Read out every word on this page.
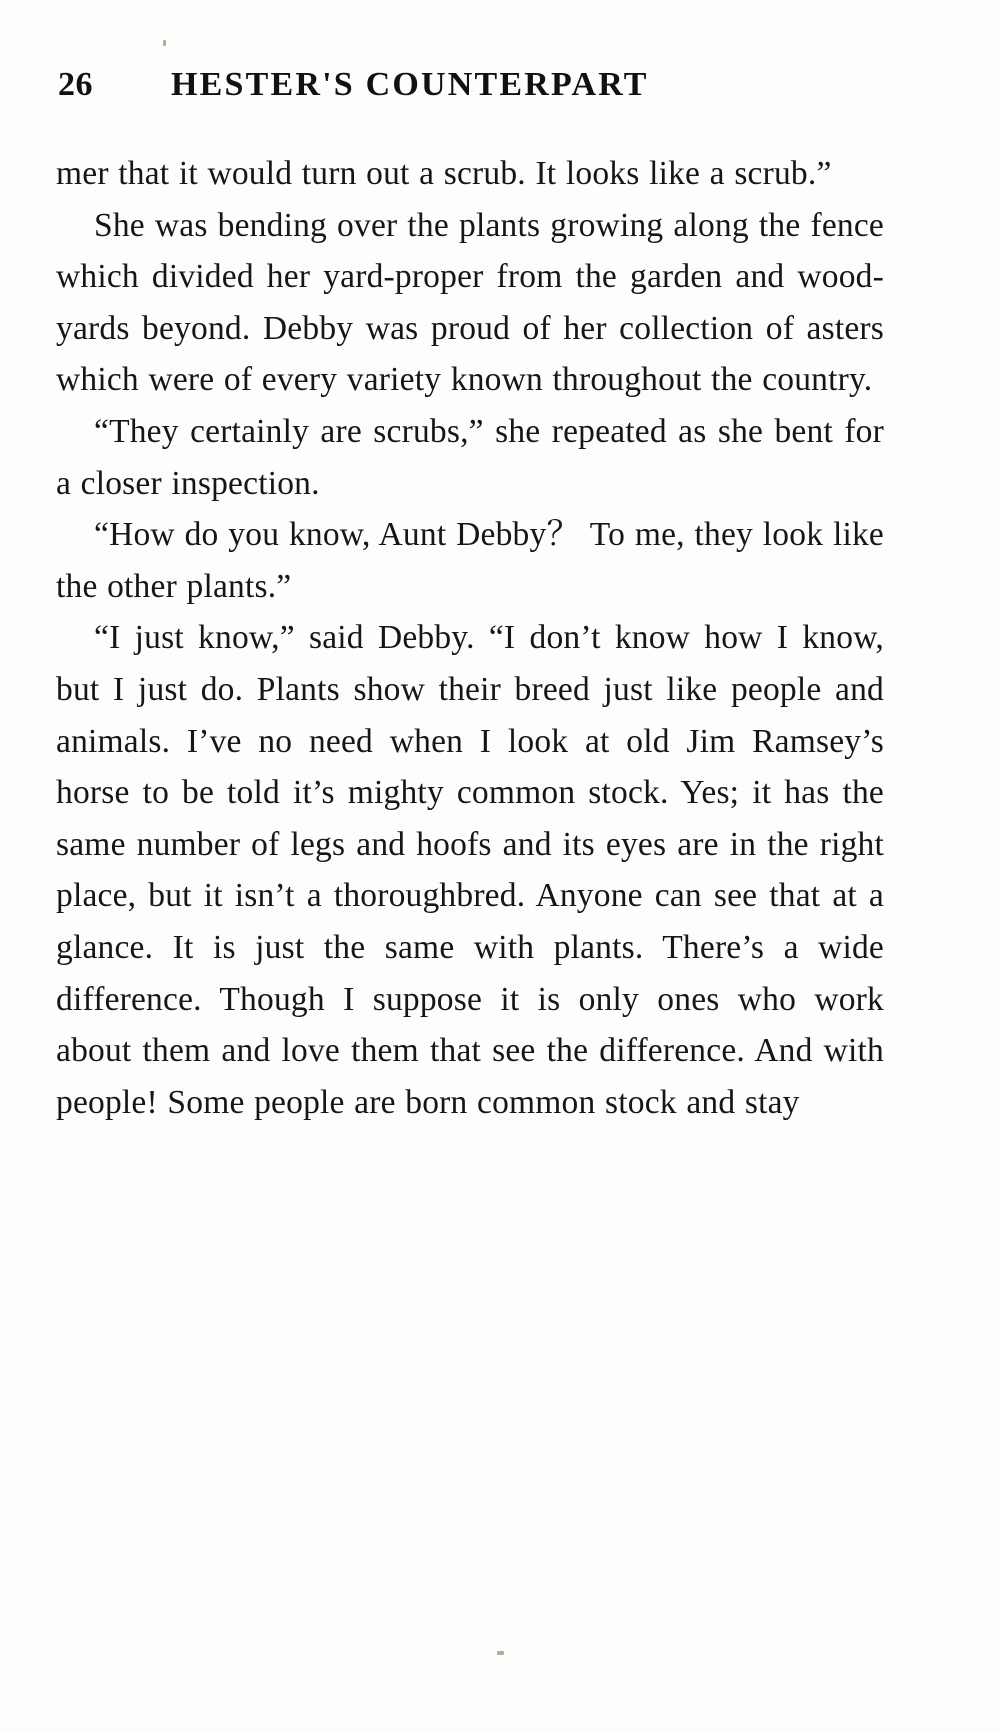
26 HESTER'S COUNTERPART

mer that it would turn out a scrub. It looks like a scrub.”

She was bending over the plants growing along the fence which divided her yard-proper from the garden and wood-yards beyond. Debby was proud of her collection of asters which were of every variety known throughout the country.

“They certainly are scrubs,” she repeated as she bent for a closer inspection.

“How do you know, Aunt Debby？ To me, they look like the other plants.”

“I just know,” said Debby. “I don’t know how I know, but I just do. Plants show their breed just like people and animals. I’ve no need when I look at old Jim Ramsey’s horse to be told it’s mighty common stock. Yes; it has the same number of legs and hoofs and its eyes are in the right place, but it isn’t a thoroughbred. Anyone can see that at a glance. It is just the same with plants. There’s a wide difference. Though I suppose it is only ones who work about them and love them that see the difference. And with people! Some people are born common stock and stay
